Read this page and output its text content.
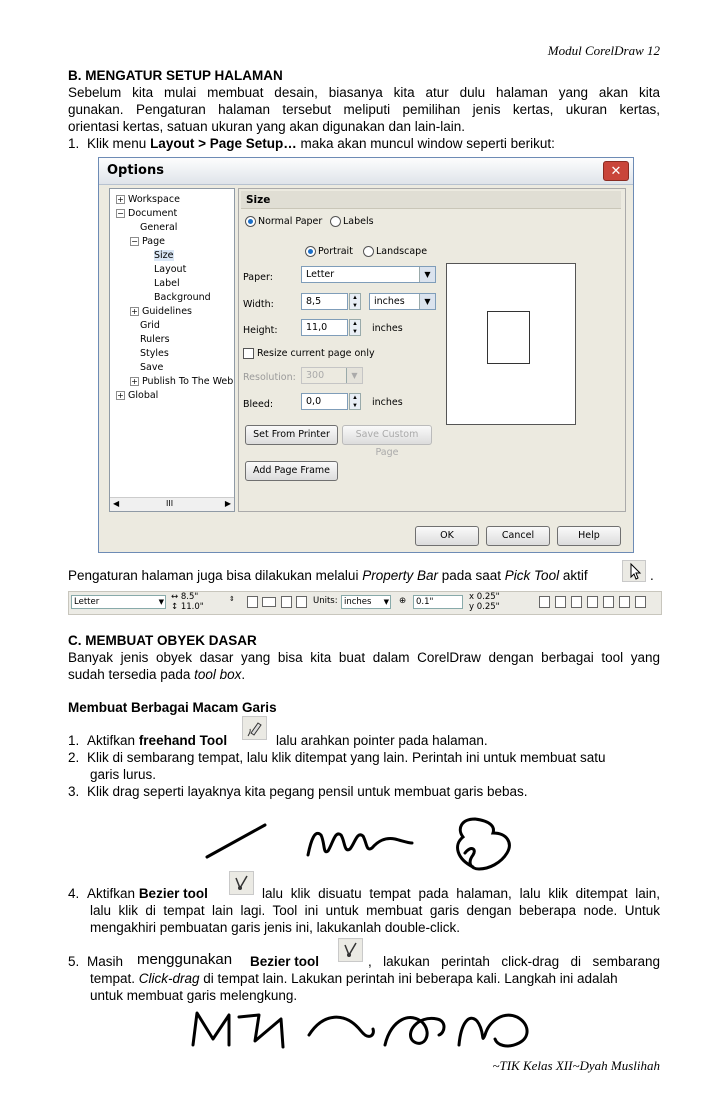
Modul CorelDraw 12
B. MENGATUR SETUP HALAMAN
Sebelum kita mulai membuat desain, biasanya kita atur dulu halaman yang akan kita
gunakan. Pengaturan halaman tersebut meliputi pemilihan jenis kertas, ukuran kertas,
orientasi kertas, satuan ukuran yang akan digunakan dan lain-lain.
1. Klik menu Layout > Page Setup… maka akan muncul window seperti berikut:
Options	✕
+ Workspace
− Document
General
− Page
Size
Layout
Label
Background
+ Guidelines
Grid
Rulers
Styles
Save
+ Publish To The Web
+ Global
◀	III	▶
Size
Normal Paper	Labels
Portrait	Landscape
Paper:	Letter	▼
Width:	8,5	▲
▼	inches	▼
Height:	11,0	▲
▼	inches
Resize current page only
Resolution:	300	▼
Bleed:	0,0	▲
▼	inches
Set From Printer	Save Custom Page
Add Page Frame
OK	Cancel	Help
Pengaturan halaman juga bisa dilakukan melalui Property Bar pada saat Pick Tool aktif	.
Letter	▼ ↔ 8.5"
↕ 11.0"
⇕	Units: inches ▼ ⊕	0.1"	x 0.25"
y 0.25"
C. MEMBUAT OBYEK DASAR
Banyak jenis obyek dasar yang bisa kita buat dalam CorelDraw dengan berbagai tool yang
sudah tersedia pada tool box.
Membuat Berbagai Macam Garis
1. Aktifkan freehand Tool	lalu arahkan pointer pada halaman.
2. Klik di sembarang tempat, lalu klik ditempat yang lain. Perintah ini untuk membuat satu
garis lurus.
3. Klik drag seperti layaknya kita pegang pensil untuk membuat garis bebas.
4. Aktifkan Bezier tool	lalu klik disuatu tempat pada halaman, lalu klik ditempat lain,
lalu klik di tempat lain lagi. Tool ini untuk membuat garis dengan beberapa node. Untuk
mengakhiri pembuatan garis jenis ini, lakukanlah double-click.
5. Masih menggunakan Bezier tool	, lakukan perintah click-drag di sembarang
tempat. Click-drag di tempat lain. Lakukan perintah ini beberapa kali. Langkah ini adalah
untuk membuat garis melengkung.
~TIK Kelas XII~Dyah Muslihah
